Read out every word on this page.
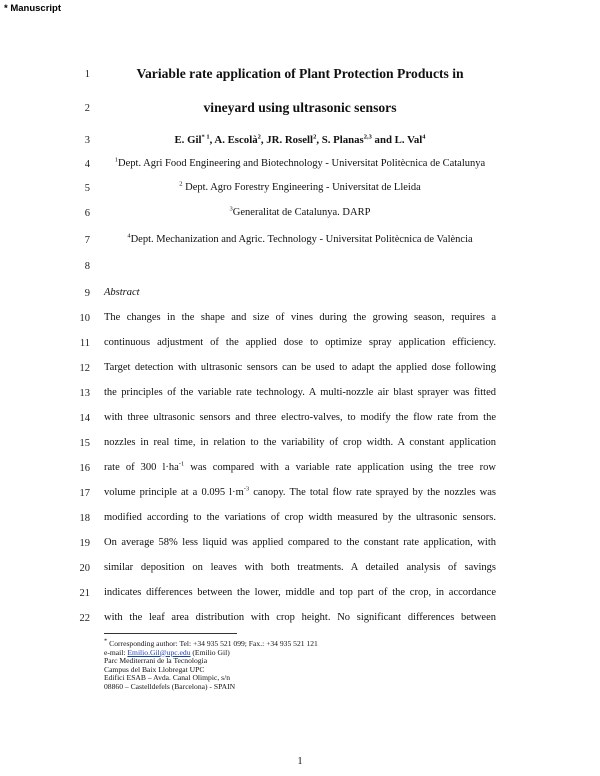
* Manuscript
1	Variable rate application of Plant Protection Products in
2	vineyard using ultrasonic sensors
3	E. Gil$^{* 1}$, A. Escolà$^2$, JR. Rosell$^2$, S. Planas$^{2,3}$ and L. Val$^4$
4	$^1$Dept. Agri Food Engineering and Biotechnology - Universitat Politècnica de Catalunya
5	$^2$ Dept. Agro Forestry Engineering - Universitat de Lleida
6	$^3$Generalitat de Catalunya. DARP
7	$^4$Dept. Mechanization and Agric. Technology - Universitat Politècnica de València
8
9 Abstract
10 The changes in the shape and size of vines during the growing season, requires a
11 continuous adjustment of the applied dose to optimize spray application efficiency.
12 Target detection with ultrasonic sensors can be used to adapt the applied dose following
13 the principles of the variable rate technology. A multi-nozzle air blast sprayer was fitted
14 with three ultrasonic sensors and three electro-valves, to modify the flow rate from the
15 nozzles in real time, in relation to the variability of crop width. A constant application
16 rate of 300 $l\cdot ha^{-1}$ was compared with a variable rate application using the tree row
17 volume principle at a 0.095 $l\cdot m^{-3}$ canopy. The total flow rate sprayed by the nozzles was
18 modified according to the variations of crop width measured by the ultrasonic sensors.
19 On average 58% less liquid was applied compared to the constant rate application, with
20 similar deposition on leaves with both treatments. A detailed analysis of savings
21 indicates differences between the lower, middle and top part of the crop, in accordance
22 with the leaf area distribution with crop height. No significant differences between
* Corresponding author: Tel: +34 935 521 099; Fax.: +34 935 521 121
e-mail: Emilio.Gil@upc.edu (Emilio Gil)
Parc Mediterrani de la Tecnologia
Campus del Baix Llobregat UPC
Edifici ESAB – Avda. Canal Olimpic, s/n
08860 – Castelldefels (Barcelona) - SPAIN
1
